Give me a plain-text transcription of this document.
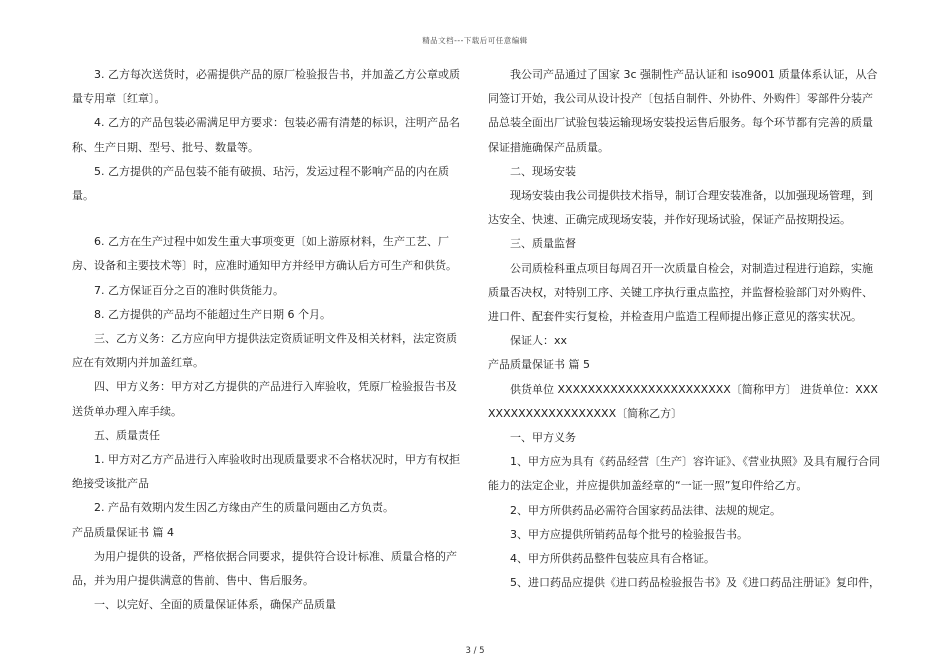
精品文档---下载后可任意编辑

3. 乙方每次送货时，必需提供产品的原厂检验报告书，并加盖乙方公章或质量专用章〔红章〕。

4. 乙方的产品包装必需满足甲方要求：包装必需有清楚的标识，注明产品名称、生产日期、型号、批号、数量等。

5. 乙方提供的产品包装不能有破损、玷污，发运过程不影响产品的内在质量。

6. 乙方在生产过程中如发生重大事项变更〔如上游原材料，生产工艺、厂房、设备和主要技术等〕时，应准时通知甲方并经甲方确认后方可生产和供货。

7. 乙方保证百分之百的准时供货能力。

8. 乙方提供的产品均不能超过生产日期 6 个月。

三、乙方义务：乙方应向甲方提供法定资质证明文件及相关材料，法定资质应在有效期内并加盖红章。

四、甲方义务：甲方对乙方提供的产品进行入库验收，凭原厂检验报告书及送货单办理入库手续。

五、质量责任

1. 甲方对乙方产品进行入库验收时出现质量要求不合格状况时，甲方有权拒绝接受该批产品

2. 产品有效期内发生因乙方缘由产生的质量问题由乙方负责。

产品质量保证书 篇 4

为用户提供的设备，严格依据合同要求，提供符合设计标准、质量合格的产品，并为用户提供满意的售前、售中、售后服务。

一、以完好、全面的质量保证体系，确保产品质量

我公司产品通过了国家 3c 强制性产品认证和 iso9001 质量体系认证，从合同签订开始，我公司从设计投产〔包括自制件、外协件、外购件〕零部件分装产品总装全面出厂试验包装运输现场安装投运售后服务。每个环节都有完善的质量保证措施确保产品质量。

二、现场安装

现场安装由我公司提供技术指导，制订合理安装准备，以加强现场管理，到达安全、快速、正确完成现场安装，并作好现场试验，保证产品按期投运。

三、质量监督

公司质检科重点项目每周召开一次质量自检会，对制造过程进行追踪，实施质量否决权，对特别工序、关键工序执行重点监控，并监督检验部门对外购件、进口件、配套件实行复检，并检查用户监造工程师提出修正意见的落实状况。

保证人：xx

产品质量保证书 篇 5

供货单位 XXXXXXXXXXXXXXXXXXXXXXX〔简称甲方〕 进货单位：XXXXXXXXXXXXXXXXXXXX〔简称乙方〕

一、甲方义务

1、甲方应为具有《药品经营〔生产〕容许证》、《营业执照》及具有履行合同能力的法定企业，并应提供加盖经章的“一证一照”复印件给乙方。

2、甲方所供药品必需符合国家药品法律、法规的规定。

3、甲方应提供所销药品每个批号的检验报告书。

4、甲方所供药品整件包装应具有合格证。

5、进口药品应提供《进口药品检验报告书》及《进口药品注册证》复印件，

3 / 5
